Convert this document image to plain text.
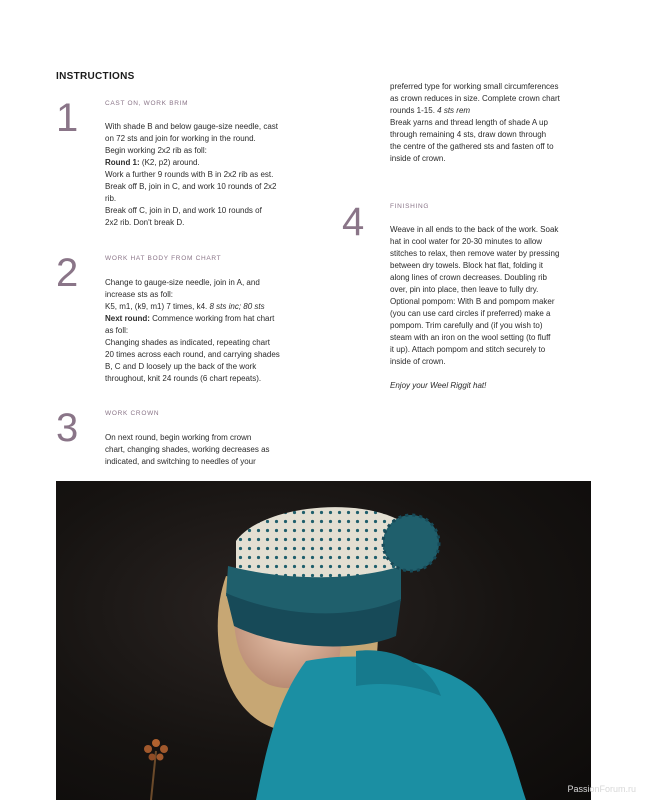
INSTRUCTIONS
1	CAST ON, WORK BRIM

With shade B and below gauge-size needle, cast

on 72 sts and join for working in the round.

Begin working 2x2 rib as foll:

Round 1: (K2, p2) around.

Work a further 9 rounds with B in 2x2 rib as est.

Break off B, join in C, and work 10 rounds of 2x2

rib.

Break off C, join in D, and work 10 rounds of

2x2 rib. Don't break D.

2	WORK HAT BODY FROM CHART

Change to gauge-size needle, join in A, and

increase sts as foll:

K5, m1, (k9, m1) 7 times, k4. 8 sts inc; 80 sts

Next round: Commence working from hat chart

as foll:

Changing shades as indicated, repeating chart

20 times across each round, and carrying shades

B, C and D loosely up the back of the work

throughout, knit 24 rounds (6 chart repeats).

3	WORK CROWN

On next round, begin working from crown

chart, changing shades, working decreases as

indicated, and switching to needles of your

preferred type for working small circumferences

as crown reduces in size. Complete crown chart

rounds 1-15. 4 sts rem

Break yarns and thread length of shade A up

through remaining 4 sts, draw down through

the centre of the gathered sts and fasten off to

inside of crown.

4	FINISHING

Weave in all ends to the back of the work. Soak

hat in cool water for 20-30 minutes to allow

stitches to relax, then remove water by pressing

between dry towels. Block hat flat, folding it

along lines of crown decreases. Doubling rib

over, pin into place, then leave to fully dry.

Optional pompom: With B and pompom maker

(you can use card circles if preferred) make a

pompom. Trim carefully and (if you wish to)

steam with an iron on the wool setting (to fluff

it up). Attach pompom and stitch securely to

inside of crown.

Enjoy your Weel Riggit hat!

PassionForum.ru
